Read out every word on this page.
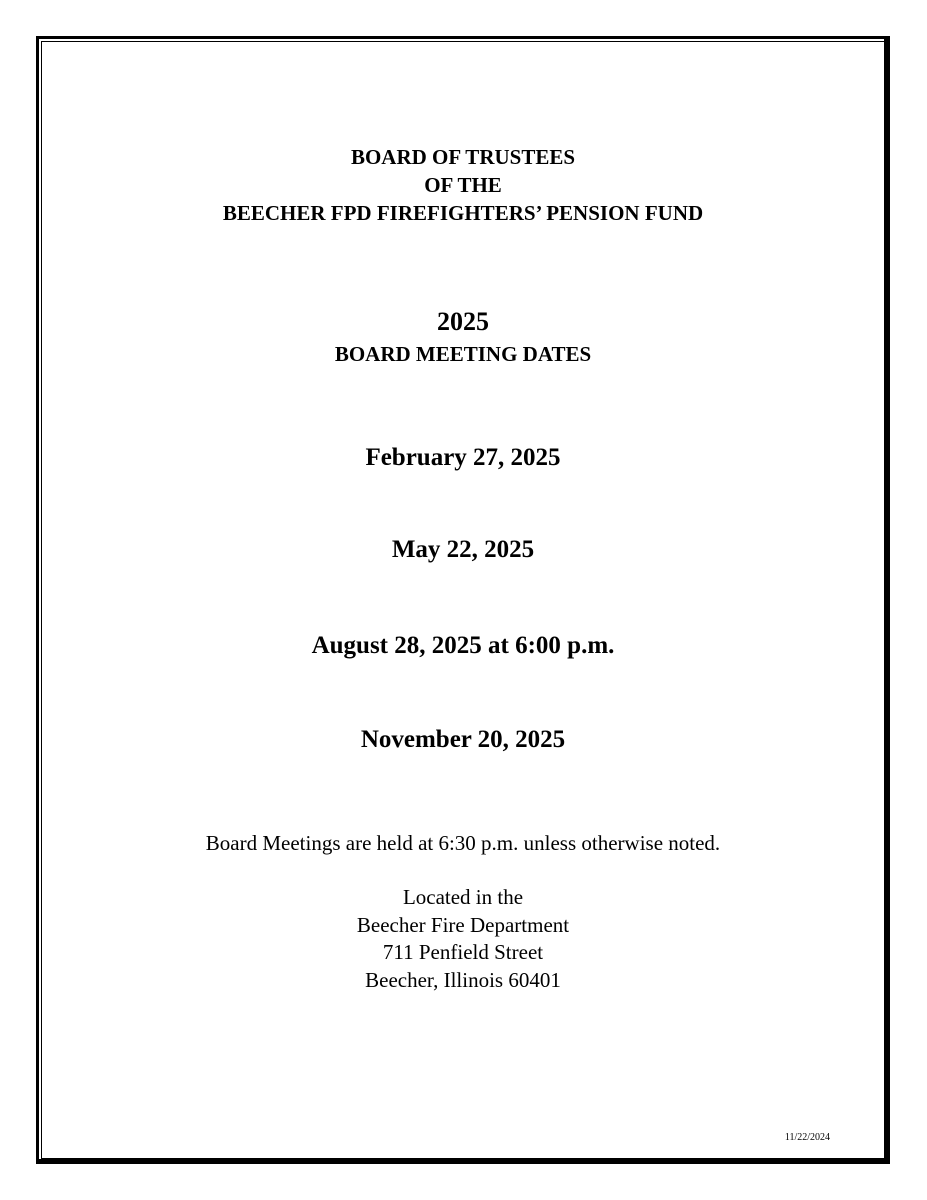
BOARD OF TRUSTEES
OF THE
BEECHER FPD FIREFIGHTERS’ PENSION FUND
2025
BOARD MEETING DATES
February 27, 2025
May 22, 2025
August 28, 2025 at 6:00 p.m.
November 20, 2025
Board Meetings are held at 6:30 p.m. unless otherwise noted.
Located in the
Beecher Fire Department
711 Penfield Street
Beecher, Illinois 60401
11/22/2024
